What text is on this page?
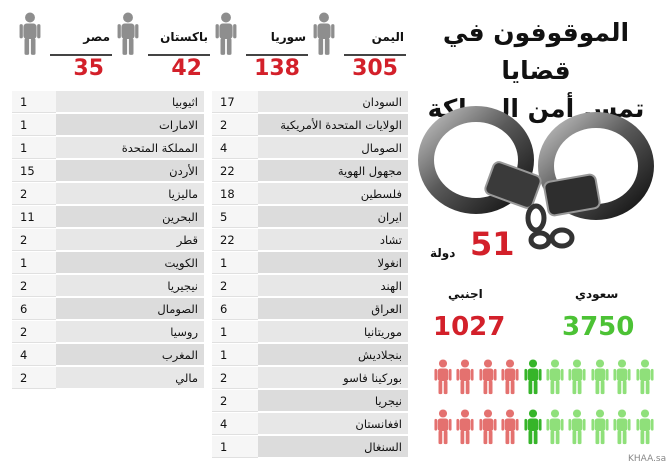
اليمن
305
سوريا
138
باكستان
42
مصر
35
1	اثيوبيا
1	الامارات
1	المملكة المتحدة
15	الأردن
2	ماليزيا
11	البحرين
2	قطر
1	الكويت
2	نيجيريا
6	الصومال
2	روسيا
4	المغرب
2	مالي
17	السودان
2	الولايات المتحدة الأمريكية
4	الصومال
22	مجهول الهوية
18	فلسطين
5	ايران
22	تشاد
1	انغولا
2	الهند
6	العراق
1	موريتانيا
1	بنجلاديش
2	بوركينا فاسو
2	نيجريا
4	افغانستان
1	السنغال
الموقوفون في قضايا
تمس أمن المملكة
51
دولة
سعودي
اجنبي
3750
1027
KHAA.sa
